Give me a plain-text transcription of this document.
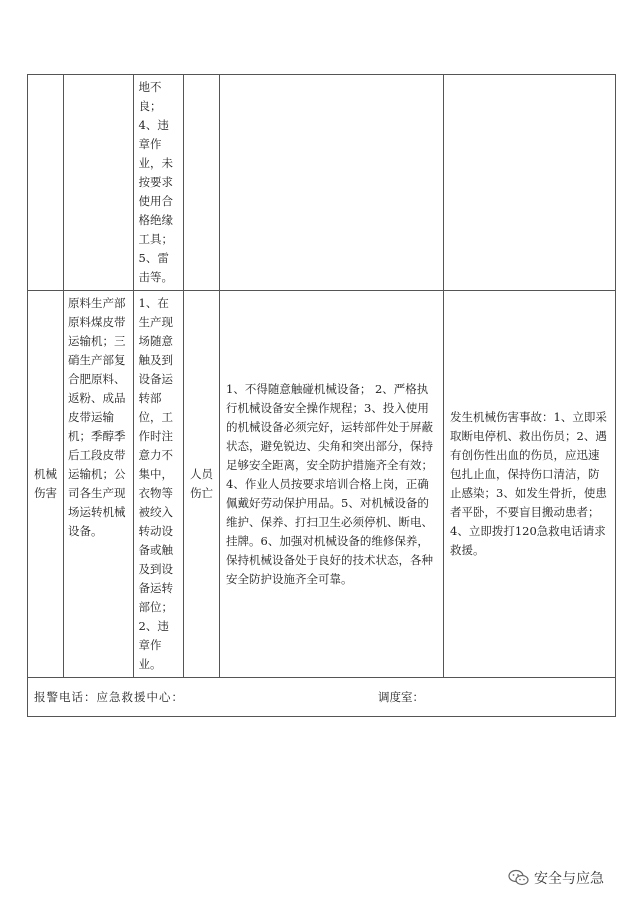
		地不良；4、违章作业，未按要求使用合格绝缘工具；5、雷击等。			

机械伤害	原料生产部原料煤皮带运输机；三硝生产部复合肥原料、返粉、成品皮带运输机；季醇季后工段皮带运输机；公司各生产现场运转机械设备。	1、在生产现场随意触及到设备运转部位，工作时注意力不集中，衣物等被绞入转动设备或触及到设备运转部位；2、违章作业。	人员伤亡	1、不得随意触碰机械设备； 2、严格执行机械设备安全操作规程；3、投入使用的机械设备必须完好，运转部件处于屏蔽状态，避免锐边、尖角和突出部分，保持足够安全距离，安全防护措施齐全有效；4、作业人员按要求培训合格上岗，正确佩戴好劳动保护用品。5、对机械设备的维护、保养、打扫卫生必须停机、断电、挂牌。6、加强对机械设备的维修保养，保持机械设备处于良好的技术状态，各种安全防护设施齐全可靠。	发生机械伤害事故：1、立即采取断电停机、救出伤员；2、遇有创伤性出血的伤员，应迅速包扎止血，保持伤口清洁，防止感染；3、如发生骨折，使患者平卧，不要盲目搬动患者；4、立即拨打120急救电话请求救援。

报警电话：应急救援中心： 调度室：					
安全与应急
